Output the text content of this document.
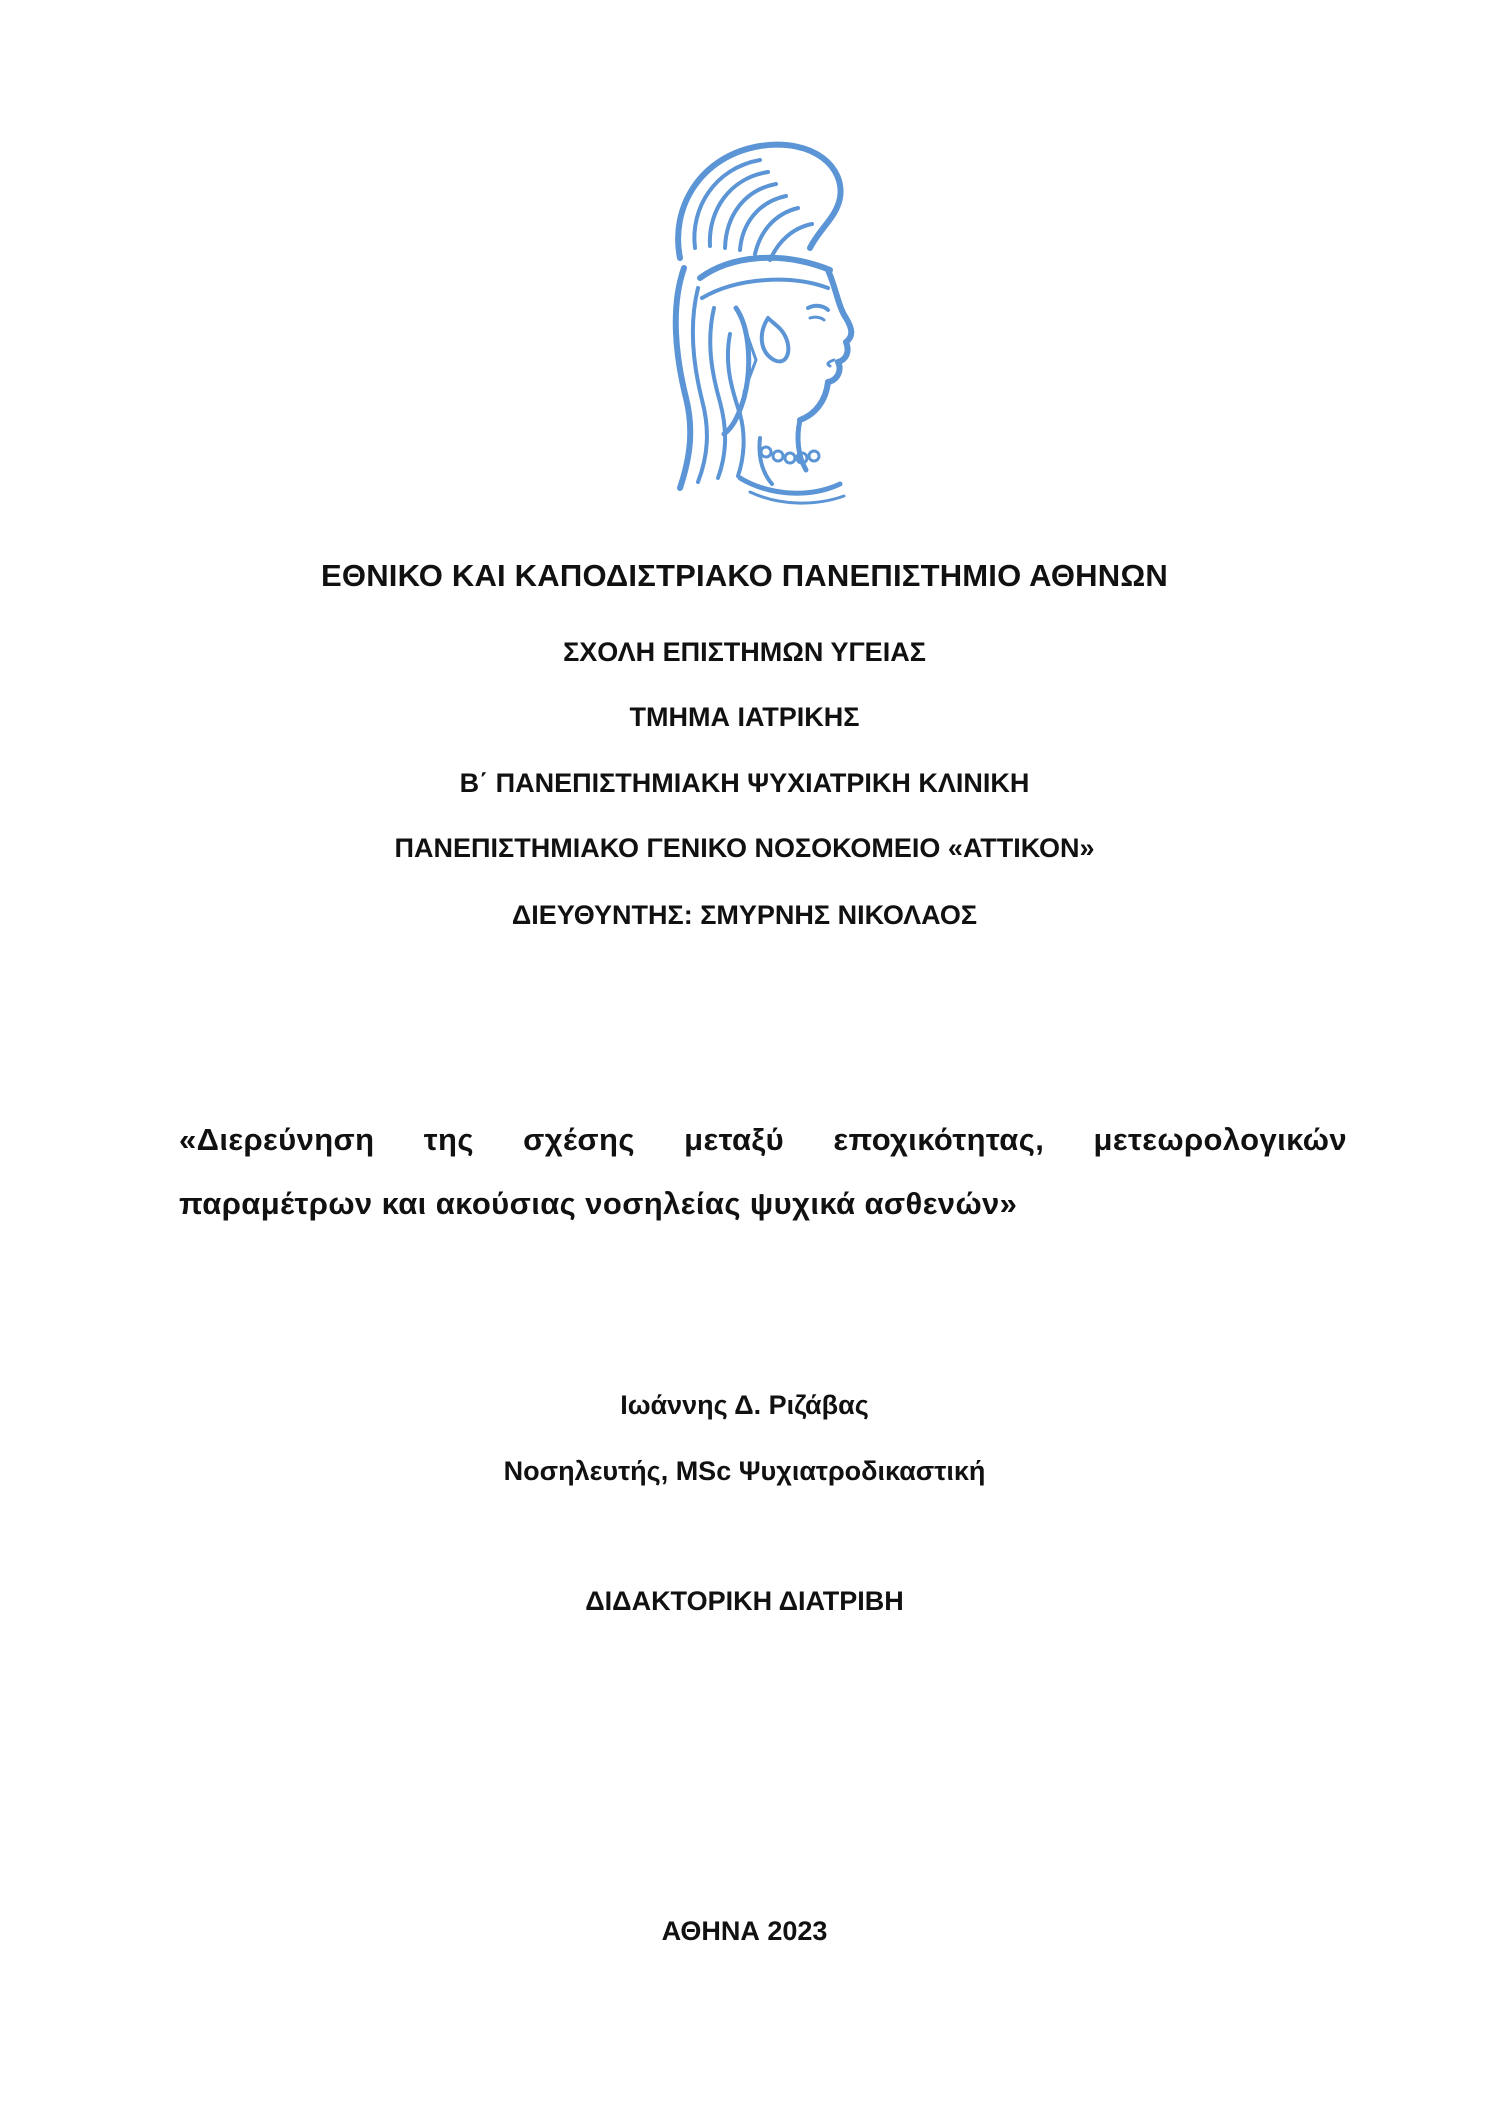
ΕΘΝΙΚΟ ΚΑΙ ΚΑΠΟΔΙΣΤΡΙΑΚΟ ΠΑΝΕΠΙΣΤΗΜΙΟ ΑΘΗΝΩΝ
ΣΧΟΛΗ ΕΠΙΣΤΗΜΩΝ ΥΓΕΙΑΣ
ΤΜΗΜΑ ΙΑΤΡΙΚΗΣ
Β΄ ΠΑΝΕΠΙΣΤΗΜΙΑΚΗ ΨΥΧΙΑΤΡΙΚΗ ΚΛΙΝΙΚΗ
ΠΑΝΕΠΙΣΤΗΜΙΑΚΟ ΓΕΝΙΚΟ ΝΟΣΟΚΟΜΕΙΟ «ΑΤΤΙΚΟΝ»
ΔΙΕΥΘΥΝΤΗΣ: ΣΜΥΡΝΗΣ ΝΙΚΟΛΑΟΣ
«Διερεύνηση της σχέσης μεταξύ εποχικότητας, μετεωρολογικών
παραμέτρων και ακούσιας νοσηλείας ψυχικά ασθενών»
Ιωάννης Δ. Ριζάβας
Νοσηλευτής, MSc Ψυχιατροδικαστική
ΔΙΔΑΚΤΟΡΙΚΗ ΔΙΑΤΡΙΒΗ
ΑΘΗΝΑ 2023
